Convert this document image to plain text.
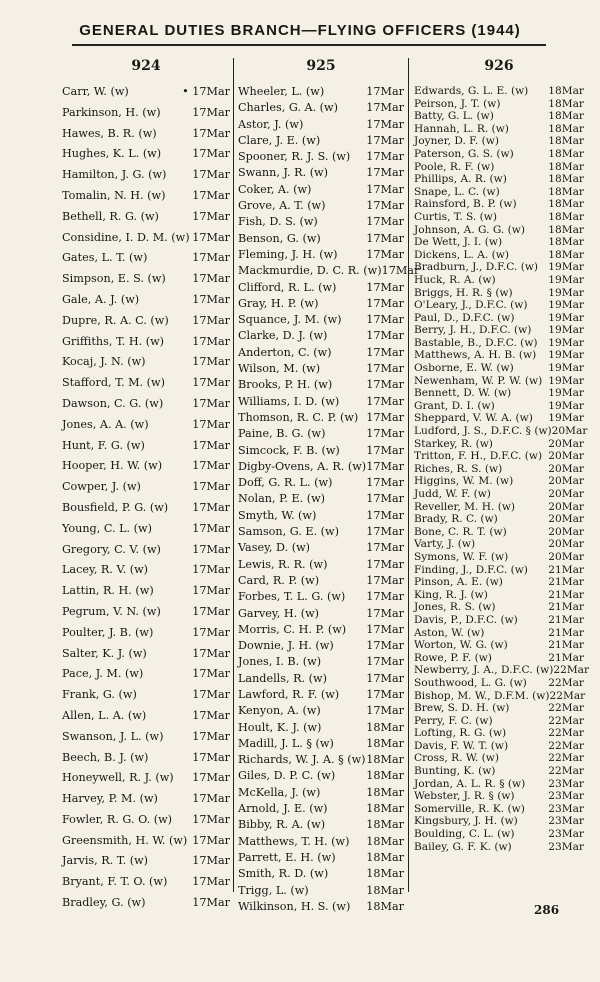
GENERAL DUTIES BRANCH—FLYING OFFICERS (1944)
924
Carr, W. (w)	• 17Mar
Parkinson, H. (w)	17Mar
Hawes, B. R. (w)	17Mar
Hughes, K. L. (w)	17Mar
Hamilton, J. G. (w)	17Mar
Tomalin, N. H. (w)	17Mar
Bethell, R. G. (w)	17Mar
Considine, I. D. M. (w) 17Mar
Gates, L. T. (w)	17Mar
Simpson, E. S. (w)	17Mar
Gale, A. J. (w)	17Mar
Dupre, R. A. C. (w)	17Mar
Griffiths, T. H. (w)	17Mar
Kocaj, J. N. (w)	17Mar
Stafford, T. M. (w)	17Mar
Dawson, C. G. (w)	17Mar
Jones, A. A. (w)	17Mar
Hunt, F. G. (w)	17Mar
Hooper, H. W. (w)	17Mar
Cowper, J. (w)	17Mar
Bousfield, P. G. (w)	17Mar
Young, C. L. (w)	17Mar
Gregory, C. V. (w)	17Mar
Lacey, R. V. (w)	17Mar
Lattin, R. H. (w)	17Mar
Pegrum, V. N. (w)	17Mar
Poulter, J. B. (w)	17Mar
Salter, K. J. (w)	17Mar
Pace, J. M. (w)	17Mar
Frank, G. (w)	17Mar
Allen, L. A. (w)	17Mar
Swanson, J. L. (w)	17Mar
Beech, B. J. (w)	17Mar
Honeywell, R. J. (w)	17Mar
Harvey, P. M. (w)	17Mar
Fowler, R. G. O. (w)	17Mar
Greensmith, H. W. (w) 17Mar
Jarvis, R. T. (w)	17Mar
Bryant, F. T. O. (w)	17Mar
Bradley, G. (w)	17Mar
925
Wheeler, L. (w)	17Mar
Charles, G. A. (w)	17Mar
Astor, J. (w)	17Mar
Clare, J. E. (w)	17Mar
Spooner, R. J. S. (w)	17Mar
Swann, J. R. (w)	17Mar
Coker, A. (w)	17Mar
Grove, A. T. (w)	17Mar
Fish, D. S. (w)	17Mar
Benson, G. (w)	17Mar
Fleming, J. H. (w)	17Mar
Mackmurdie, D. C. R. (w) 17Mar
Clifford, R. L. (w)	17Mar
Gray, H. P. (w)	17Mar
Squance, J. M. (w)	17Mar
Clarke, D. J. (w)	17Mar
Anderton, C. (w)	17Mar
Wilson, M. (w)	17Mar
Brooks, P. H. (w)	17Mar
Williams, I. D. (w)	17Mar
Thomson, R. C. P. (w) 17Mar
Paine, B. G. (w)	17Mar
Simcock, F. B. (w)	17Mar
Digby-Ovens, A. R. (w) 17Mar
Doff, G. R. L. (w)	17Mar
Nolan, P. E. (w)	17Mar
Smyth, W. (w)	17Mar
Samson, G. E. (w)	17Mar
Vasey, D. (w)	17Mar
Lewis, R. R. (w)	17Mar
Card, R. P. (w)	17Mar
Forbes, T. L. G. (w)	17Mar
Garvey, H. (w)	17Mar
Morris, C. H. P. (w)	17Mar
Downie, J. H. (w)	17Mar
Jones, I. B. (w)	17Mar
Landells, R. (w)	17Mar
Lawford, R. F. (w)	17Mar
Kenyon, A. (w)	17Mar
Hoult, K. J. (w)	18Mar
Madill, J. L. § (w)	18Mar
Richards, W. J. A. § (w) 18Mar
Giles, D. P. C. (w)	18Mar
McKella, J. (w)	18Mar
Arnold, J. E. (w)	18Mar
Bibby, R. A. (w)	18Mar
Matthews, T. H. (w)	18Mar
Parrett, E. H. (w)	18Mar
Smith, R. D. (w)	18Mar
Trigg, L. (w)	18Mar
Wilkinson, H. S. (w)	18Mar
926
Edwards, G. L. E. (w)	18Mar
Peirson, J. T. (w)	18Mar
Batty, G. L. (w)	18Mar
Hannah, L. R. (w)	18Mar
Joyner, D. F. (w)	18Mar
Paterson, G. S. (w)	18Mar
Poole, R. F. (w)	18Mar
Phillips, A. R. (w)	18Mar
Snape, L. C. (w)	18Mar
Rainsford, B. P. (w)	18Mar
Curtis, T. S. (w)	18Mar
Johnson, A. G. G. (w)	18Mar
De Wett, J. I. (w)	18Mar
Dickens, L. A. (w)	18Mar
Bradburn, J., D.F.C. (w) 19Mar
Huck, R. A. (w)	19Mar
Briggs, H. R. § (w)	19Mar
O'Leary, J., D.F.C. (w)	19Mar
Paul, D., D.F.C. (w)	19Mar
Berry, J. H., D.F.C. (w)	19Mar
Bastable, B., D.F.C. (w)	19Mar
Matthews, A. H. B. (w)	19Mar
Osborne, E. W. (w)	19Mar
Newenham, W. P. W. (w) 19Mar
Bennett, D. W. (w)	19Mar
Grant, D. I. (w)	19Mar
Sheppard, V. W. A. (w)	19Mar
Ludford, J. S., D.F.C. § (w) 20Mar
Starkey, R. (w)	20Mar
Tritton, F. H., D.F.C. (w) 20Mar
Riches, R. S. (w)	20Mar
Higgins, W. M. (w)	20Mar
Judd, W. F. (w)	20Mar
Reveller, M. H. (w)	20Mar
Brady, R. C. (w)	20Mar
Bone, C. R. T. (w)	20Mar
Varty, J. (w)	20Mar
Symons, W. F. (w)	20Mar
Finding, J., D.F.C. (w)	21Mar
Pinson, A. E. (w)	21Mar
King, R. J. (w)	21Mar
Jones, R. S. (w)	21Mar
Davis, P., D.F.C. (w)	21Mar
Aston, W. (w)	21Mar
Worton, W. G. (w)	21Mar
Rowe, P. F. (w)	21Mar
Newberry, J. A., D.F.C. (w) 22Mar
Southwood, L. G. (w)	22Mar
Bishop, M. W., D.F.M. (w) 22Mar
Brew, S. D. H. (w)	22Mar
Perry, F. C. (w)	22Mar
Lofting, R. G. (w)	22Mar
Davis, F. W. T. (w)	22Mar
Cross, R. W. (w)	22Mar
Bunting, K. (w)	22Mar
Jordan, A. L. R. § (w)	23Mar
Webster, J. R. § (w)	23Mar
Somerville, R. K. (w)	23Mar
Kingsbury, J. H. (w)	23Mar
Boulding, C. L. (w)	23Mar
Bailey, G. F. K. (w)	23Mar
286
